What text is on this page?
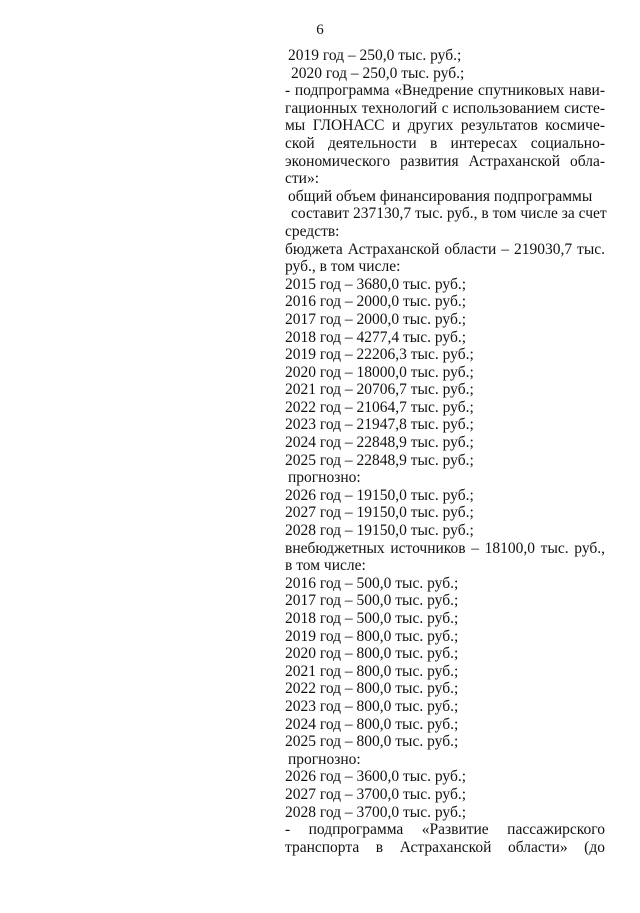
6
2019 год – 250,0 тыс. руб.;
2020 год – 250,0 тыс. руб.;
- подпрограмма «Внедрение спутниковых нави-
гационных технологий с использованием систе-
мы ГЛОНАСС и других результатов космиче-
ской деятельности в интересах социально-
экономического развития Астраханской обла-
сти»:
общий объем финансирования подпрограммы
составит 237130,7 тыс. руб., в том числе за счет
средств:
бюджета Астраханской области – 219030,7 тыс.
руб., в том числе:
2015 год – 3680,0 тыс. руб.;
2016 год – 2000,0 тыс. руб.;
2017 год – 2000,0 тыс. руб.;
2018 год – 4277,4 тыс. руб.;
2019 год – 22206,3 тыс. руб.;
2020 год – 18000,0 тыс. руб.;
2021 год – 20706,7 тыс. руб.;
2022 год – 21064,7 тыс. руб.;
2023 год – 21947,8 тыс. руб.;
2024 год – 22848,9 тыс. руб.;
2025 год – 22848,9 тыс. руб.;
прогнозно:
2026 год – 19150,0 тыс. руб.;
2027 год – 19150,0 тыс. руб.;
2028 год – 19150,0 тыс. руб.;
внебюджетных источников – 18100,0 тыс. руб.,
в том числе:
2016 год – 500,0 тыс. руб.;
2017 год – 500,0 тыс. руб.;
2018 год – 500,0 тыс. руб.;
2019 год – 800,0 тыс. руб.;
2020 год – 800,0 тыс. руб.;
2021 год – 800,0 тыс. руб.;
2022 год – 800,0 тыс. руб.;
2023 год – 800,0 тыс. руб.;
2024 год – 800,0 тыс. руб.;
2025 год – 800,0 тыс. руб.;
прогнозно:
2026 год – 3600,0 тыс. руб.;
2027 год – 3700,0 тыс. руб.;
2028 год – 3700,0 тыс. руб.;
- подпрограмма «Развитие пассажирского
транспорта в Астраханской области» (до
